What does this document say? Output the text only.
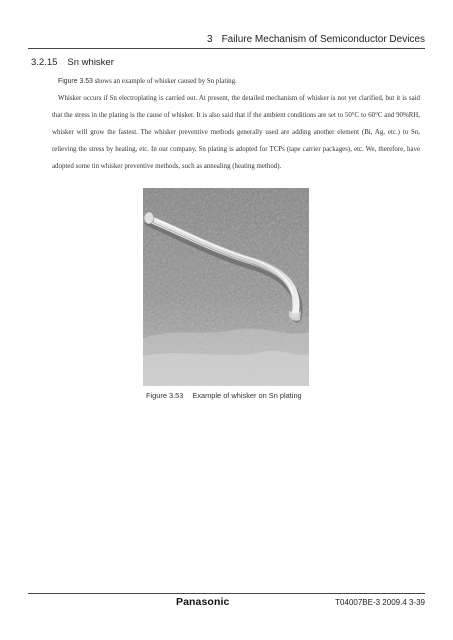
3 Failure Mechanism of Semiconductor Devices
3.2.15 Sn whisker

Figure 3.53 shows an example of whisker caused by Sn plating.

Whisker occurs if Sn electroplating is carried out. At present, the detailed mechanism of whisker is not yet clarified, but it is said that the stress in the plating is the cause of whisker. It is also said that if the ambient conditions are set to 50°C to 60°C and 90%RH, whisker will grow the fastest. The whisker preventive methods generally used are adding another element (Bi, Ag, etc.) to Sn, relieving the stress by heating, etc. In our company, Sn plating is adopted for TCPs (tape carrier packages), etc. We, therefore, have adopted some tin whisker preventive methods, such as annealing (heating method).

Figure 3.53 Example of whisker on Sn plating
Panasonic	T04007BE-3 2009.4 3-39
